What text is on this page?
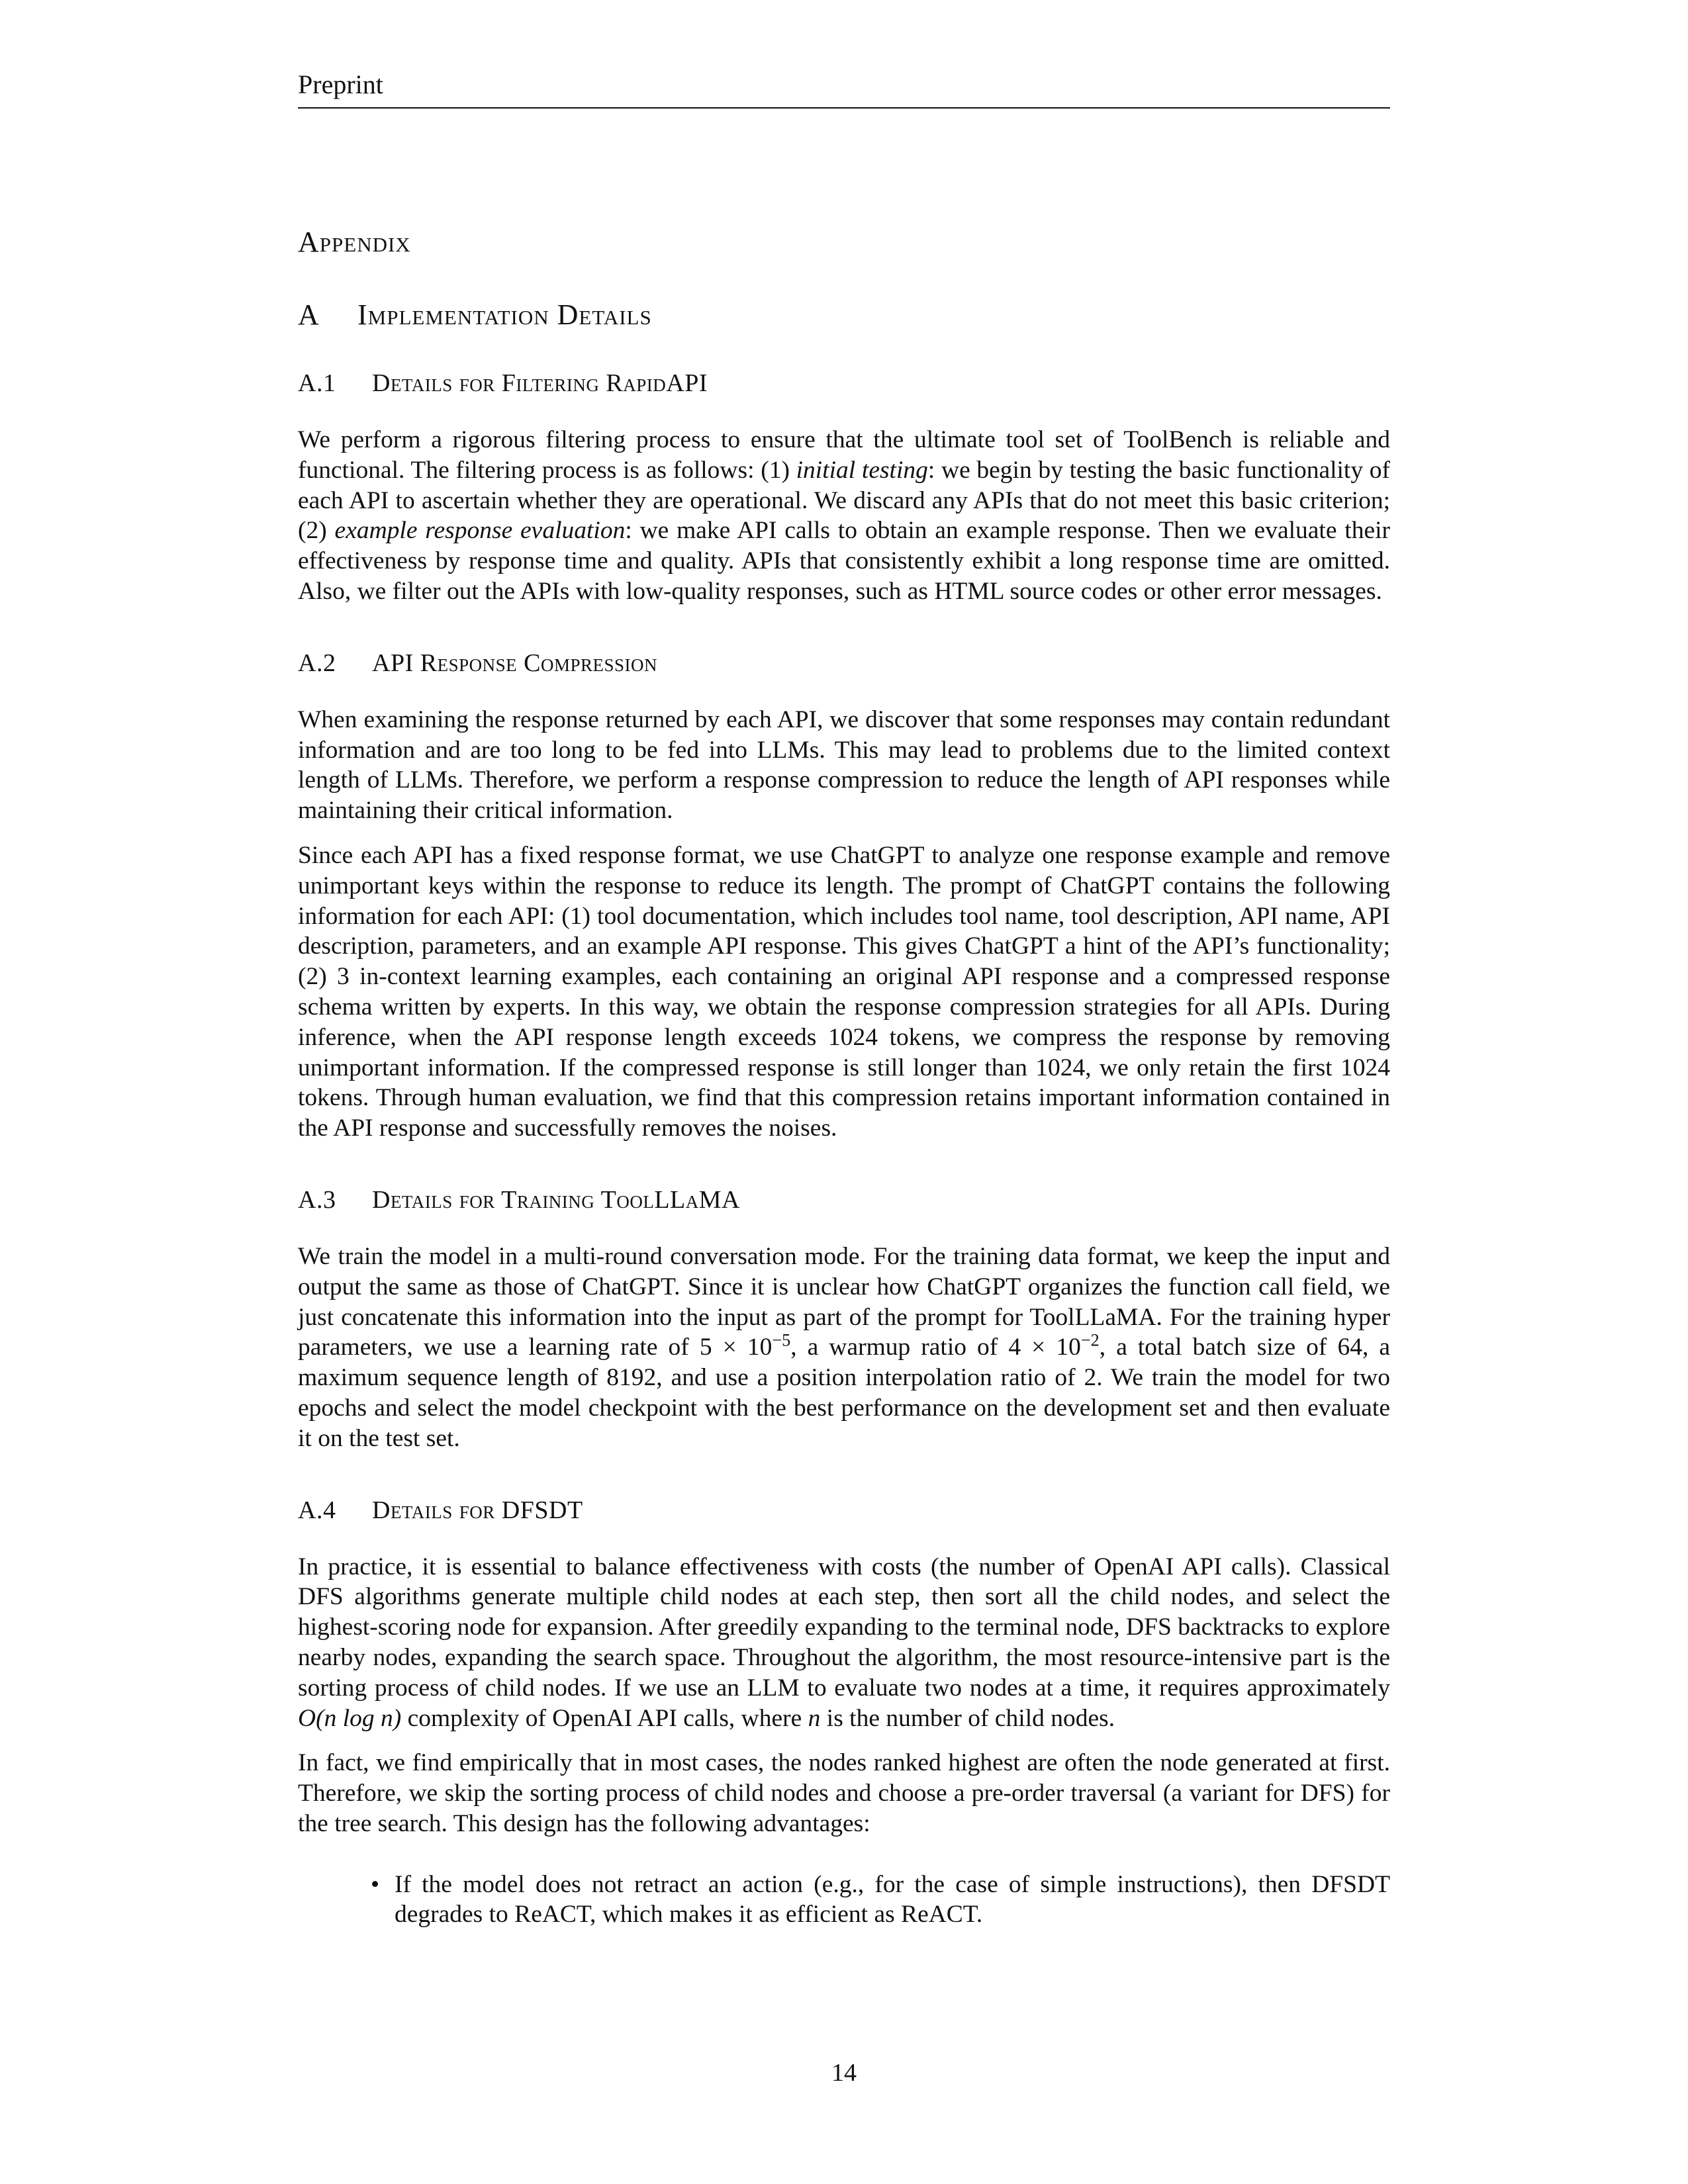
Preprint
Appendix
A Implementation Details
A.1 Details for Filtering RapidAPI

We perform a rigorous filtering process to ensure that the ultimate tool set of ToolBench is reliable and functional. The filtering process is as follows: (1) initial testing: we begin by testing the basic functionality of each API to ascertain whether they are operational. We discard any APIs that do not meet this basic criterion; (2) example response evaluation: we make API calls to obtain an example response. Then we evaluate their effectiveness by response time and quality. APIs that consistently exhibit a long response time are omitted. Also, we filter out the APIs with low-quality responses, such as HTML source codes or other error messages.

A.2 API Response Compression

When examining the response returned by each API, we discover that some responses may contain redundant information and are too long to be fed into LLMs. This may lead to problems due to the limited context length of LLMs. Therefore, we perform a response compression to reduce the length of API responses while maintaining their critical information.

Since each API has a fixed response format, we use ChatGPT to analyze one response example and remove unimportant keys within the response to reduce its length. The prompt of ChatGPT contains the following information for each API: (1) tool documentation, which includes tool name, tool description, API name, API description, parameters, and an example API response. This gives ChatGPT a hint of the API’s functionality; (2) 3 in-context learning examples, each containing an original API response and a compressed response schema written by experts. In this way, we obtain the response compression strategies for all APIs. During inference, when the API response length exceeds 1024 tokens, we compress the response by removing unimportant information. If the compressed response is still longer than 1024, we only retain the first 1024 tokens. Through human evaluation, we find that this compression retains important information contained in the API response and successfully removes the noises.

A.3 Details for Training ToolLLaMA

We train the model in a multi-round conversation mode. For the training data format, we keep the input and output the same as those of ChatGPT. Since it is unclear how ChatGPT organizes the function call field, we just concatenate this information into the input as part of the prompt for ToolLLaMA. For the training hyper parameters, we use a learning rate of $5 \times 10^{-5}$, a warmup ratio of $4 \times 10^{-2}$, a total batch size of 64, a maximum sequence length of 8192, and use a position interpolation ratio of 2. We train the model for two epochs and select the model checkpoint with the best performance on the development set and then evaluate it on the test set.

A.4 Details for DFSDT

In practice, it is essential to balance effectiveness with costs (the number of OpenAI API calls). Classical DFS algorithms generate multiple child nodes at each step, then sort all the child nodes, and select the highest-scoring node for expansion. After greedily expanding to the terminal node, DFS backtracks to explore nearby nodes, expanding the search space. Throughout the algorithm, the most resource-intensive part is the sorting process of child nodes. If we use an LLM to evaluate two nodes at a time, it requires approximately O(n log n) complexity of OpenAI API calls, where n is the number of child nodes.

In fact, we find empirically that in most cases, the nodes ranked highest are often the node generated at first. Therefore, we skip the sorting process of child nodes and choose a pre-order traversal (a variant for DFS) for the tree search. This design has the following advantages:

• If the model does not retract an action (e.g., for the case of simple instructions), then DFSDT degrades to ReACT, which makes it as efficient as ReACT.
14
